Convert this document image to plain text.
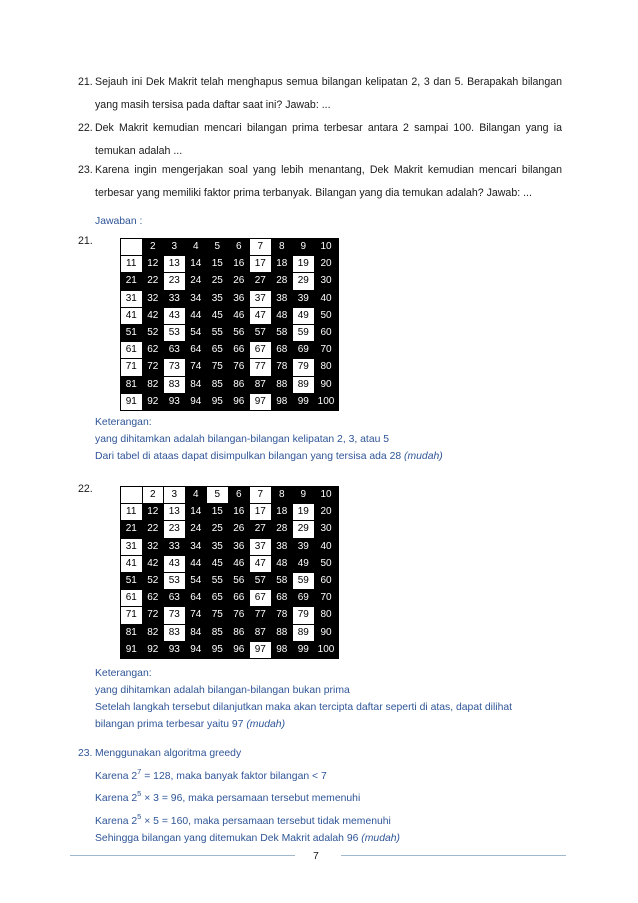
21. Sejauh ini Dek Makrit telah menghapus semua bilangan kelipatan 2, 3 dan 5. Berapakah bilangan yang masih tersisa pada daftar saat ini? Jawab: ...
22. Dek Makrit kemudian mencari bilangan prima terbesar antara 2 sampai 100. Bilangan yang ia temukan adalah ...
23. Karena ingin mengerjakan soal yang lebih menantang, Dek Makrit kemudian mencari bilangan terbesar yang memiliki faktor prima terbanyak. Bilangan yang dia temukan adalah? Jawab: ...
Jawaban :
21.
		2	3	4	5	6	7	8	9	10
11	12	13	14	15	16	17	18	19	20
21	22	23	24	25	26	27	28	29	30
31	32	33	34	35	36	37	38	39	40
41	42	43	44	45	46	47	48	49	50
51	52	53	54	55	56	57	58	59	60
61	62	63	64	65	66	67	68	69	70
71	72	73	74	75	76	77	78	79	80
81	82	83	84	85	86	87	88	89	90
91	92	93	94	95	96	97	98	99	100
Keterangan:
yang dihitamkan adalah bilangan-bilangan kelipatan 2, 3, atau 5
Dari tabel di ataas dapat disimpulkan bilangan yang tersisa ada 28 (mudah)
22.
		2	3	4	5	6	7	8	9	10
11	12	13	14	15	16	17	18	19	20
21	22	23	24	25	26	27	28	29	30
31	32	33	34	35	36	37	38	39	40
41	42	43	44	45	46	47	48	49	50
51	52	53	54	55	56	57	58	59	60
61	62	63	64	65	66	67	68	69	70
71	72	73	74	75	76	77	78	79	80
81	82	83	84	85	86	87	88	89	90
91	92	93	94	95	96	97	98	99	100
Keterangan:
yang dihitamkan adalah bilangan-bilangan bukan prima
Setelah langkah tersebut dilanjutkan maka akan tercipta daftar seperti di atas, dapat dilihat
bilangan prima terbesar yaitu 97 (mudah)
23. Menggunakan algoritma greedy
Karena $2^7 = 128$, maka banyak faktor bilangan < 7
Karena $2^5 \times 3 = 96$, maka persamaan tersebut memenuhi
Karena $2^5 \times 5 = 160$, maka persamaan tersebut tidak memenuhi
Sehingga bilangan yang ditemukan Dek Makrit adalah 96 (mudah)
7
